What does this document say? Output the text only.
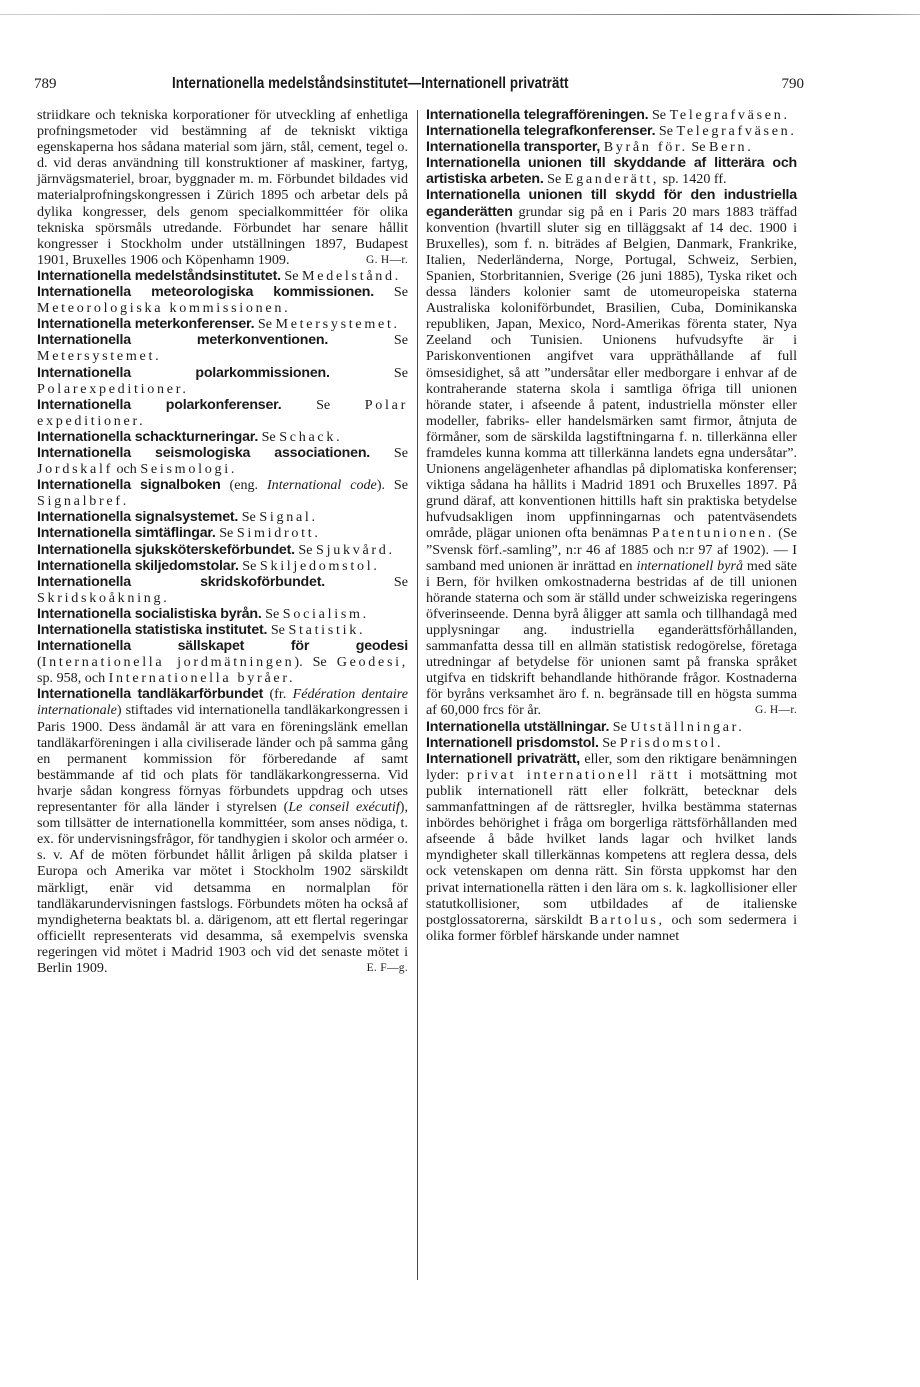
789	Internationella medelståndsinstitutet—Internationell privaträtt	790

striidkare och tekniska korporationer för utveckling af enhetliga profningsmetoder vid bestämning af de tekniskt viktiga egenskaperna hos sådana material som järn, stål, cement, tegel o. d. vid deras användning till konstruktioner af maskiner, fartyg, järnvägsmateriel, broar, byggnader m. m. Förbundet bildades vid materialprofningskongressen i Zürich 1895 och arbetar dels på dylika kongresser, dels genom specialkommittéer för olika tekniska spörsmåls utredande. Förbundet har senare hållit kongresser i Stockholm under utställningen 1897, Budapest 1901, Bruxelles 1906 och Köpenhamn 1909.	G. H—r.

Internationella medelståndsinstitutet. Se Medelstånd.

Internationella meteorologiska kommissionen. Se Meteorologiska kommissionen.

Internationella meterkonferenser. Se Metersystemet.

Internationella meterkonventionen.	Se Metersystemet.

Internationella polarkommissionen.	Se Polarexpeditioner.

Internationella polarkonferenser. Se Polar expeditioner.

Internationella schackturneringar. Se Schack.

Internationella seismologiska associationen. Se Jordskalf och Seismologi.

Internationella signalboken (eng. International code). Se Signalbref.

Internationella signalsystemet. Se Signal.

Internationella simtäflingar. Se Simidrott.

Internationella sjuksköterskeförbundet. Se Sjukvård.

Internationella skiljedomstolar. Se Skiljedomstol.

Internationella skridskoförbundet.	Se Skridskoåkning.

Internationella socialistiska byrån. Se Socialism.

Internationella statistiska institutet. Se Statistik.

Internationella sällskapet för geodesi (Internationella jordmätningen). Se Geodesi, sp. 958, och Internationella byråer.

Internationella tandläkarförbundet (fr. Fédération dentaire internationale) stiftades vid internationella tandläkarkongressen i Paris 1900. Dess ändamål är att vara en föreningslänk emellan tandläkarföreningen i alla civiliserade länder och på samma gång en permanent kommission för förberedande af samt bestämmande af tid och plats för tandläkarkongresserna. Vid hvarje sådan kongress förnyas förbundets uppdrag och utses representanter för alla länder i styrelsen (Le conseil exécutif), som tillsätter de internationella kommittéer, som anses nödiga, t. ex. för undervisningsfrågor, för tandhygien i skolor och arméer o. s. v. Af de möten förbundet hållit årligen på skilda platser i Europa och Amerika var mötet i Stockholm 1902 särskildt märkligt, enär vid detsamma en normalplan för tandläkarundervisningen fastslogs. Förbundets möten ha också af myndigheterna beaktats bl. a. därigenom, att ett flertal regeringar officiellt representerats vid desamma, så exempelvis svenska regeringen vid mötet i Madrid 1903 och vid det senaste mötet i Berlin 1909.	E. F—g.

Internationella telegrafföreningen. Se Telegrafväsen.

Internationella telegrafkonferenser. Se Telegrafväsen.

Internationella transporter, Byrån för. Se Bern.

Internationella unionen till skyddande af litterära och artistiska arbeten. Se Eganderätt, sp. 1420 ff.

Internationella unionen till skydd för den industriella eganderätten grundar sig på en i Paris 20 mars 1883 träffad konvention (hvartill sluter sig en tilläggsakt af 14 dec. 1900 i Bruxelles), som f. n. biträdes af Belgien, Danmark, Frankrike, Italien, Nederländerna, Norge, Portugal, Schweiz, Serbien, Spanien, Storbritannien, Sverige (26 juni 1885), Tyska riket och dessa länders kolonier samt de utomeuropeiska staterna Australiska koloniförbundet, Brasilien, Cuba, Dominikanska republiken, Japan, Mexico, Nord-Amerikas förenta stater, Nya Zeeland och Tunisien. Unionens hufvudsyfte är i Pariskonventionen angifvet vara uppräthållande af full ömsesidighet, så att ”undersåtar eller medborgare i enhvar af de kontraherande staterna skola i samtliga öfriga till unionen hörande stater, i afseende å patent, industriella mönster eller modeller, fabriks- eller handelsmärken samt firmor, åtnjuta de förmåner, som de särskilda lagstiftningarna f. n. tillerkänna eller framdeles kunna komma att tillerkänna landets egna undersåtar”. Unionens angelägenheter afhandlas på diplomatiska konferenser; viktiga sådana ha hållits i Madrid 1891 och Bruxelles 1897. På grund däraf, att konventionen hittills haft sin praktiska betydelse hufvudsakligen inom uppfinningarnas och patentväsendets område, plägar unionen ofta benämnas Patentunionen. (Se ”Svensk förf.-samling”, n:r 46 af 1885 och n:r 97 af 1902). — I samband med unionen är inrättad en internationell byrå med säte i Bern, för hvilken omkostnaderna bestridas af de till unionen hörande staterna och som är ställd under schweiziska regeringens öfverinseende. Denna byrå åligger att samla och tillhandagå med upplysningar ang. industriella eganderättsförhållanden, sammanfatta dessa till en allmän statistisk redogörelse, företaga utredningar af betydelse för unionen samt på franska språket utgifva en tidskrift behandlande hithörande frågor. Kostnaderna för byråns verksamhet äro f. n. begränsade till en högsta summa af 60,000 frcs för år.	G. H—r.

Internationella utställningar. Se Utställningar.

Internationell prisdomstol. Se Prisdomstol.

Internationell privaträtt, eller, som den riktigare benämningen lyder: privat internationell rätt i motsättning mot publik internationell rätt eller folkrätt, betecknar dels sammanfattningen af de rättsregler, hvilka bestämma staternas inbördes behörighet i fråga om borgerliga rättsförhållanden med afseende å både hvilket lands lagar och hvilket lands myndigheter skall tillerkännas kompetens att reglera dessa, dels ock vetenskapen om denna rätt. Sin första uppkomst har den privat internationella rätten i den lära om s. k. lagkollisioner eller statutkollisioner, som utbildades af de italienske postglossatorerna, särskildt Bartolus, och som sedermera i olika former förblef härskande under namnet
